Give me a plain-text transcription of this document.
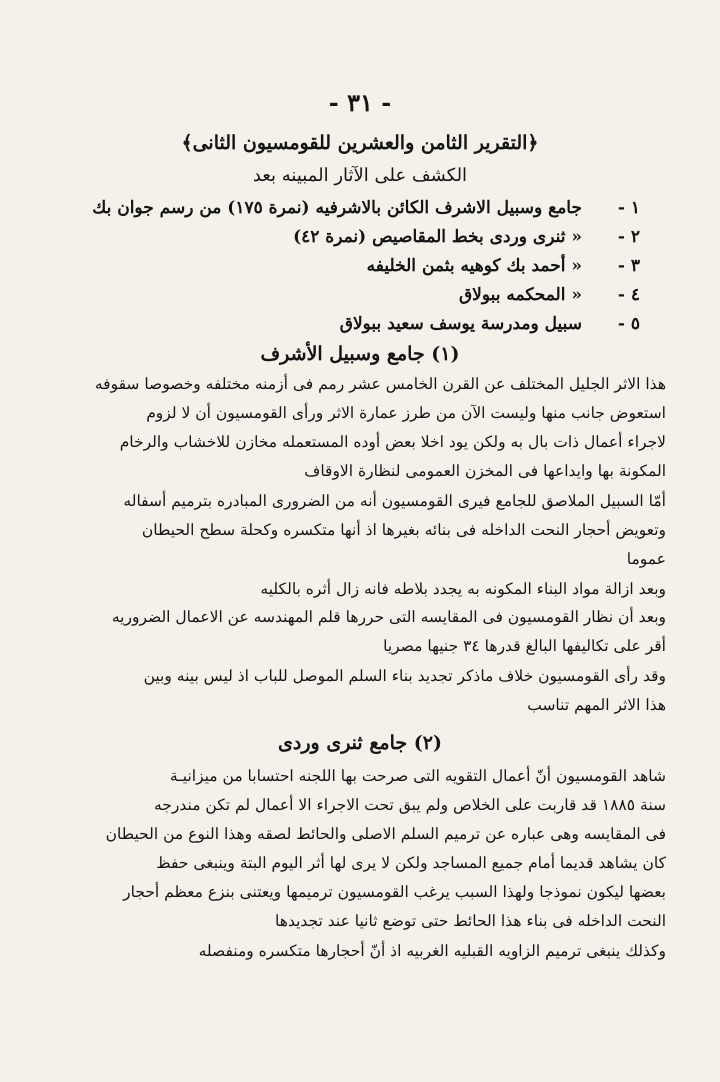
- ٣١ -
﴿التقرير الثامن والعشرين للقومسيون الثانى﴾
الكشف على الآثار المبينه بعد
١ -
جامع وسبيل الاشرف الكائن بالاشرفيه (نمرة ١٧٥) من رسم جوان بك
٢ -
« ثنرى وردى بخط المقاصيص (نمرة ٤٢)
٣ -
« أحمد بك كوهيه بثمن الخليفه
٤ -
« المحكمه ببولاق
٥ -
سبيل ومدرسة يوسف سعيد ببولاق
(١) جامع وسبيل الأشرف
هذا الاثر الجليل المختلف عن القرن الخامس عشر رمم فى أزمنه مختلفه وخصوصا سقوفه
استعوض جانب منها وليست الآن من طرز عمارة الاثر ورأى القومسيون أن لا لزوم
لاجراء أعمال ذات بال به ولكن يود اخلا بعض أوده المستعمله مخازن للاخشاب والرخام
المكونة بها وايداعها فى المخزن العمومى لنظارة الاوقاف
أمّا السبيل الملاصق للجامع فيرى القومسيون أنه من الضرورى المبادره بترميم أسفاله
وتعويض أحجار النحت الداخله فى بنائه بغيرها اذ أنها متكسره وكحلة سطح الحيطان
عموما
وبعد ازالة مواد البناء المكونه به يجدد بلاطه فانه زال أثره بالكليه
وبعد أن نظار القومسيون فى المقايسه التى حررها قلم المهندسه عن الاعمال الضروريه
أقر على تكاليفها البالغ قدرها ٣٤ جنيها مصريا
وقد رأى القومسيون خلاف ماذكر تجديد بناء السلم الموصل للباب اذ ليس بينه وبين
هذا الاثر المهم تناسب
(٢) جامع ثنرى وردى
شاهد القومسيون أنّ أعمال التقويه التى صرحت بها اللجنه احتسابا من ميزانيـة
سنة ١٨٨٥ قد قاربت على الخلاص ولم يبق تحت الاجراء الا أعمال لم تكن مندرجه
فى المقايسه وهى عباره عن ترميم السلم الاصلى والحائط لصقه وهذا النوع من الحيطان
كان يشاهد قديما أمام جميع المساجد ولكن لا يرى لها أثر اليوم البتة وينبغى حفظ
بعضها ليكون نموذجا ولهذا السبب يرغب القومسيون ترميمها ويعتنى بنزع معظم أحجار
النحت الداخله فى بناء هذا الحائط حتى توضع ثانيا عند تجديدها
وكذلك ينبغى ترميم الزاويه القبليه الغربيه اذ أنّ أحجارها متكسره ومنفصله
